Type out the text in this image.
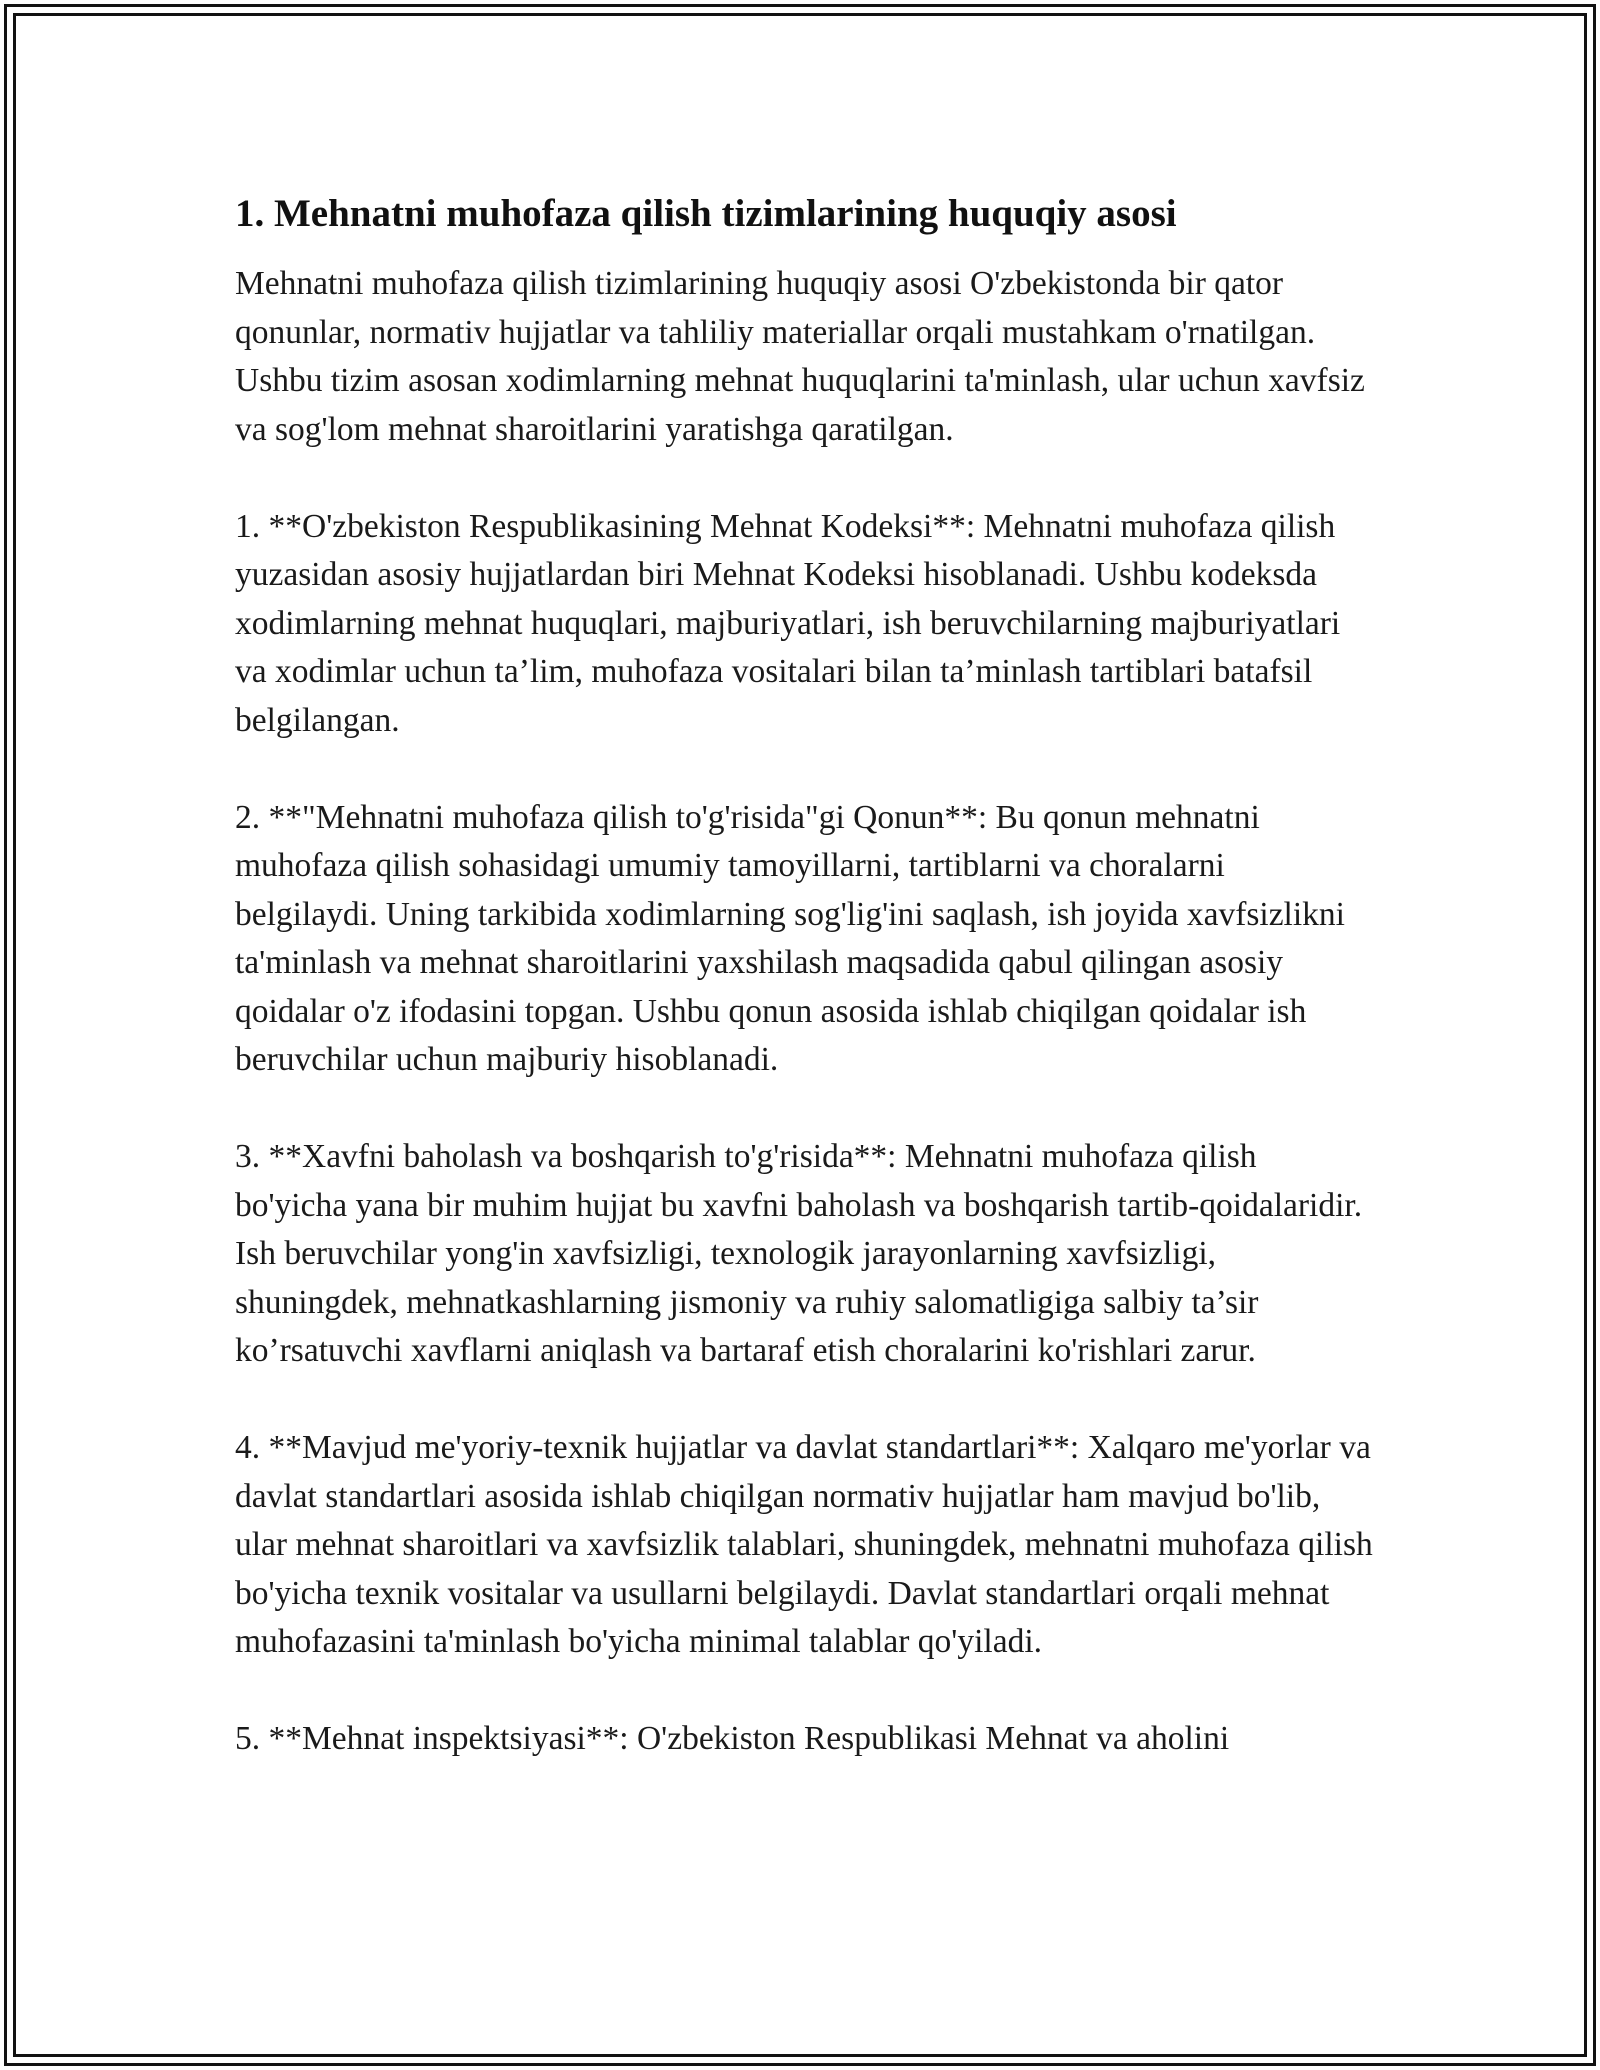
1. Mehnatni muhofaza qilish tizimlarining huquqiy asosi

Mehnatni muhofaza qilish tizimlarining huquqiy asosi O'zbekistonda bir qator qonunlar, normativ hujjatlar va tahliliy materiallar orqali mustahkam o'rnatilgan. Ushbu tizim asosan xodimlarning mehnat huquqlarini ta'minlash, ular uchun xavfsiz va sog'lom mehnat sharoitlarini yaratishga qaratilgan.

1. **O'zbekiston Respublikasining Mehnat Kodeksi**: Mehnatni muhofaza qilish yuzasidan asosiy hujjatlardan biri Mehnat Kodeksi hisoblanadi. Ushbu kodeksda xodimlarning mehnat huquqlari, majburiyatlari, ish beruvchilarning majburiyatlari va xodimlar uchun ta’lim, muhofaza vositalari bilan ta’minlash tartiblari batafsil belgilangan.

2. **"Mehnatni muhofaza qilish to'g'risida"gi Qonun**: Bu qonun mehnatni muhofaza qilish sohasidagi umumiy tamoyillarni, tartiblarni va choralarni belgilaydi. Uning tarkibida xodimlarning sog'lig'ini saqlash, ish joyida xavfsizlikni ta'minlash va mehnat sharoitlarini yaxshilash maqsadida qabul qilingan asosiy qoidalar o'z ifodasini topgan. Ushbu qonun asosida ishlab chiqilgan qoidalar ish beruvchilar uchun majburiy hisoblanadi.

3. **Xavfni baholash va boshqarish to'g'risida**: Mehnatni muhofaza qilish bo'yicha yana bir muhim hujjat bu xavfni baholash va boshqarish tartib-qoidalaridir. Ish beruvchilar yong'in xavfsizligi, texnologik jarayonlarning xavfsizligi, shuningdek, mehnatkashlarning jismoniy va ruhiy salomatligiga salbiy ta’sir ko’rsatuvchi xavflarni aniqlash va bartaraf etish choralarini ko'rishlari zarur.

4. **Mavjud me'yoriy-texnik hujjatlar va davlat standartlari**: Xalqaro me'yorlar va davlat standartlari asosida ishlab chiqilgan normativ hujjatlar ham mavjud bo'lib, ular mehnat sharoitlari va xavfsizlik talablari, shuningdek, mehnatni muhofaza qilish bo'yicha texnik vositalar va usullarni belgilaydi. Davlat standartlari orqali mehnat muhofazasini ta'minlash bo'yicha minimal talablar qo'yiladi.

5. **Mehnat inspektsiyasi**: O'zbekiston Respublikasi Mehnat va aholini
